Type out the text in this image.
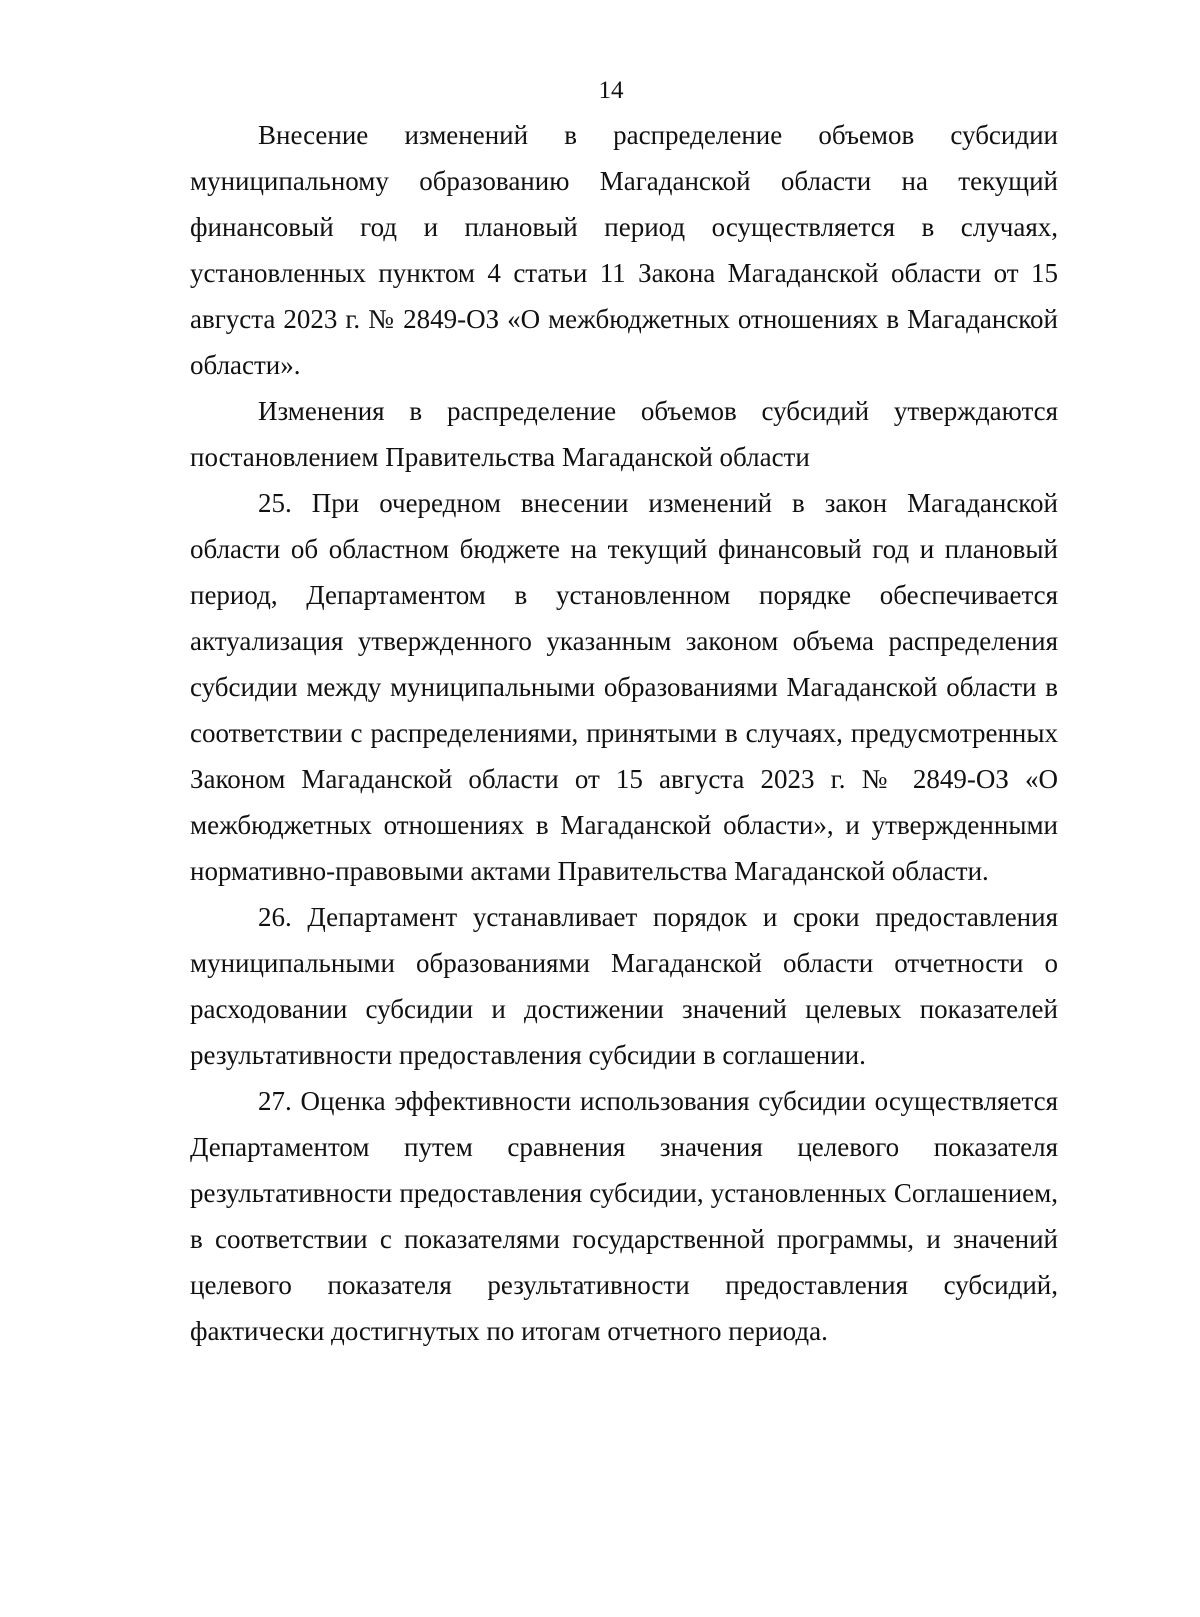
14

Внесение изменений в распределение объемов субсидии муниципальному образованию Магаданской области на текущий финансовый год и плановый период осуществляется в случаях, установленных пунктом 4 статьи 11 Закона Магаданской области от 15 августа 2023 г. № 2849-ОЗ «О межбюджетных отношениях в Магаданской области».

Изменения в распределение объемов субсидий утверждаются постановлением Правительства Магаданской области

25. При очередном внесении изменений в закон Магаданской области об областном бюджете на текущий финансовый год и плановый период, Департаментом в установленном порядке обеспечивается актуализация утвержденного указанным законом объема распределения субсидии между муниципальными образованиями Магаданской области в соответствии с распределениями, принятыми в случаях, предусмотренных Законом Магаданской области от 15 августа 2023 г. № 2849-ОЗ «О межбюджетных отношениях в Магаданской области», и утвержденными нормативно-правовыми актами Правительства Магаданской области.

26. Департамент устанавливает порядок и сроки предоставления муниципальными образованиями Магаданской области отчетности о расходовании субсидии и достижении значений целевых показателей результативности предоставления субсидии в соглашении.

27. Оценка эффективности использования субсидии осуществляется Департаментом путем сравнения значения целевого показателя результативности предоставления субсидии, установленных Соглашением, в соответствии с показателями государственной программы, и значений целевого показателя результативности предоставления субсидий, фактически достигнутых по итогам отчетного периода.
